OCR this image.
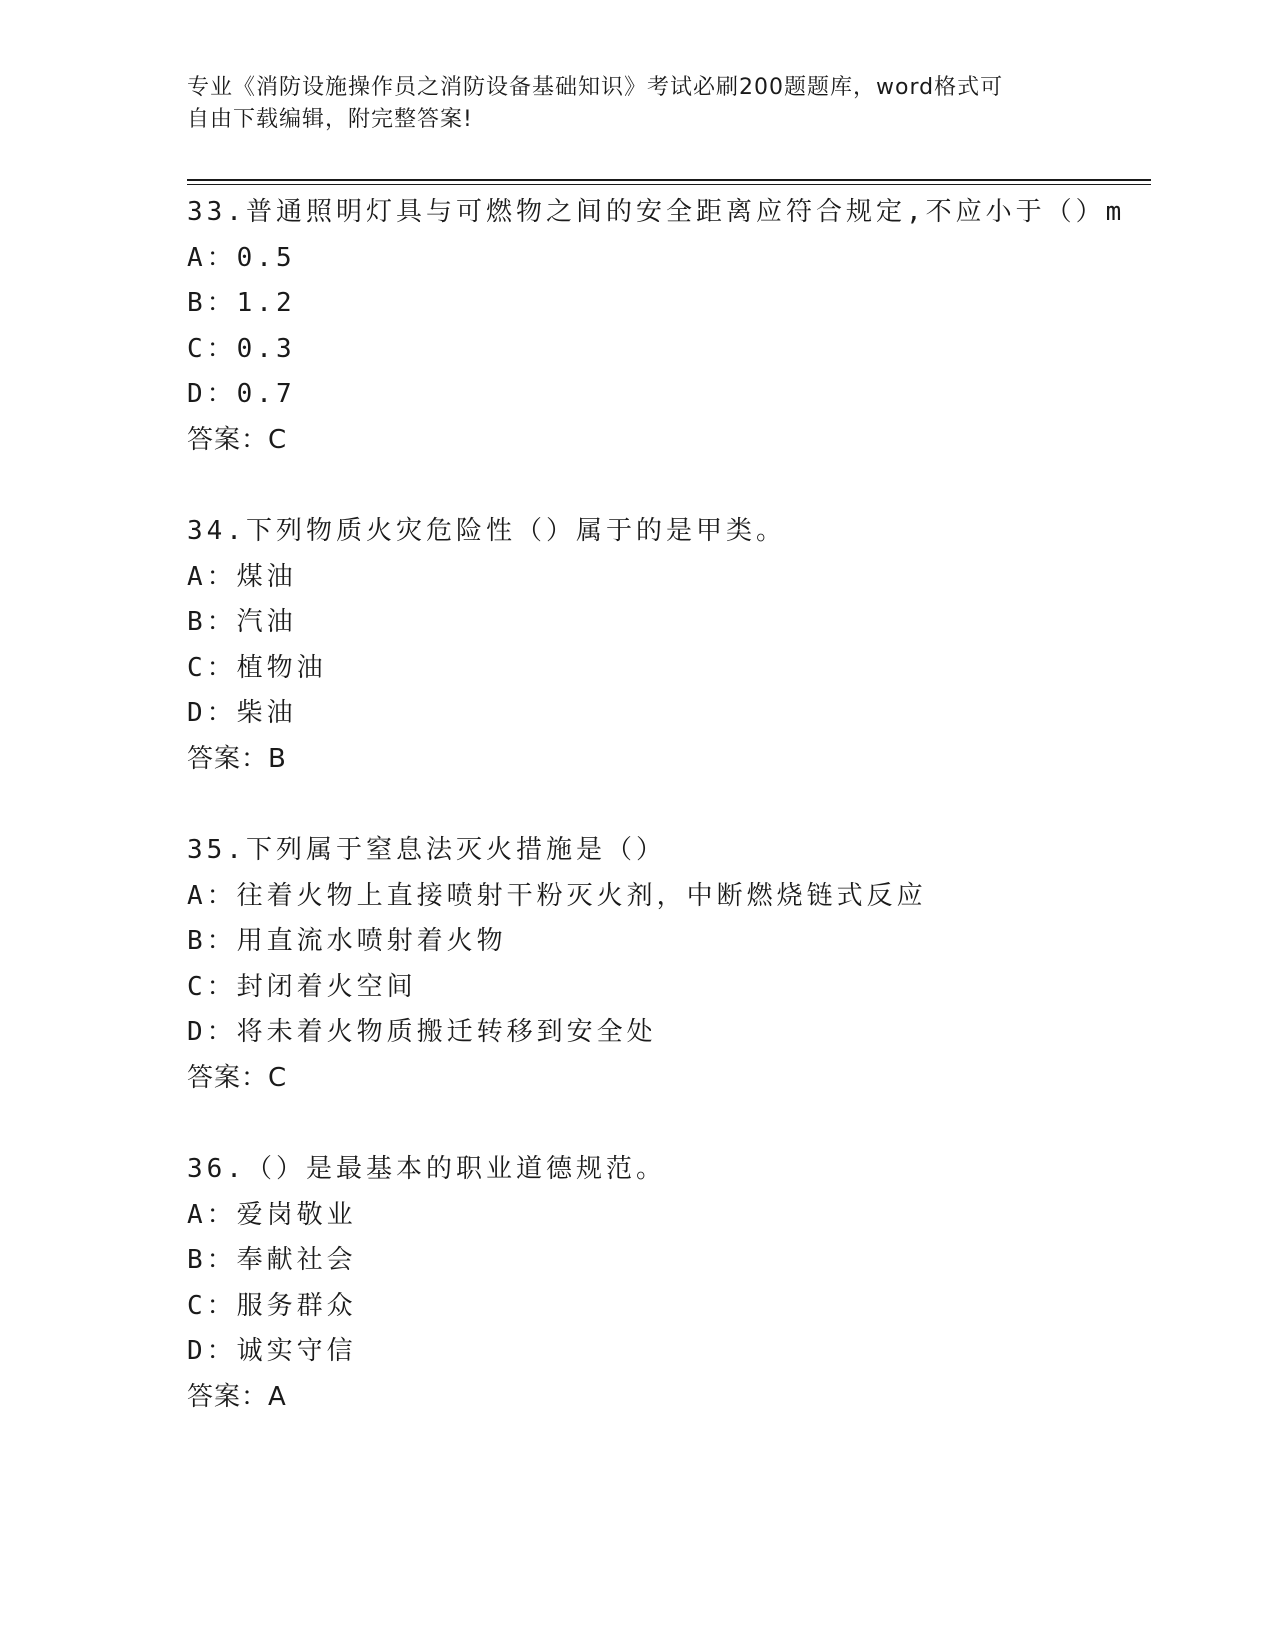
专业《消防设施操作员之消防设备基础知识》考试必刷200题题库，word格式可
自由下载编辑，附完整答案!
33.普通照明灯具与可燃物之间的安全距离应符合规定,不应小于（）m
A：0.5
B：1.2
C：0.3
D：0.7
答案：C
34.下列物质火灾危险性（）属于的是甲类。
A：煤油
B：汽油
C：植物油
D：柴油
答案：B
35.下列属于窒息法灭火措施是（）
A：往着火物上直接喷射干粉灭火剂，中断燃烧链式反应
B：用直流水喷射着火物
C：封闭着火空间
D：将未着火物质搬迁转移到安全处
答案：C
36.（）是最基本的职业道德规范。
A：爱岗敬业
B：奉献社会
C：服务群众
D：诚实守信
答案：A
